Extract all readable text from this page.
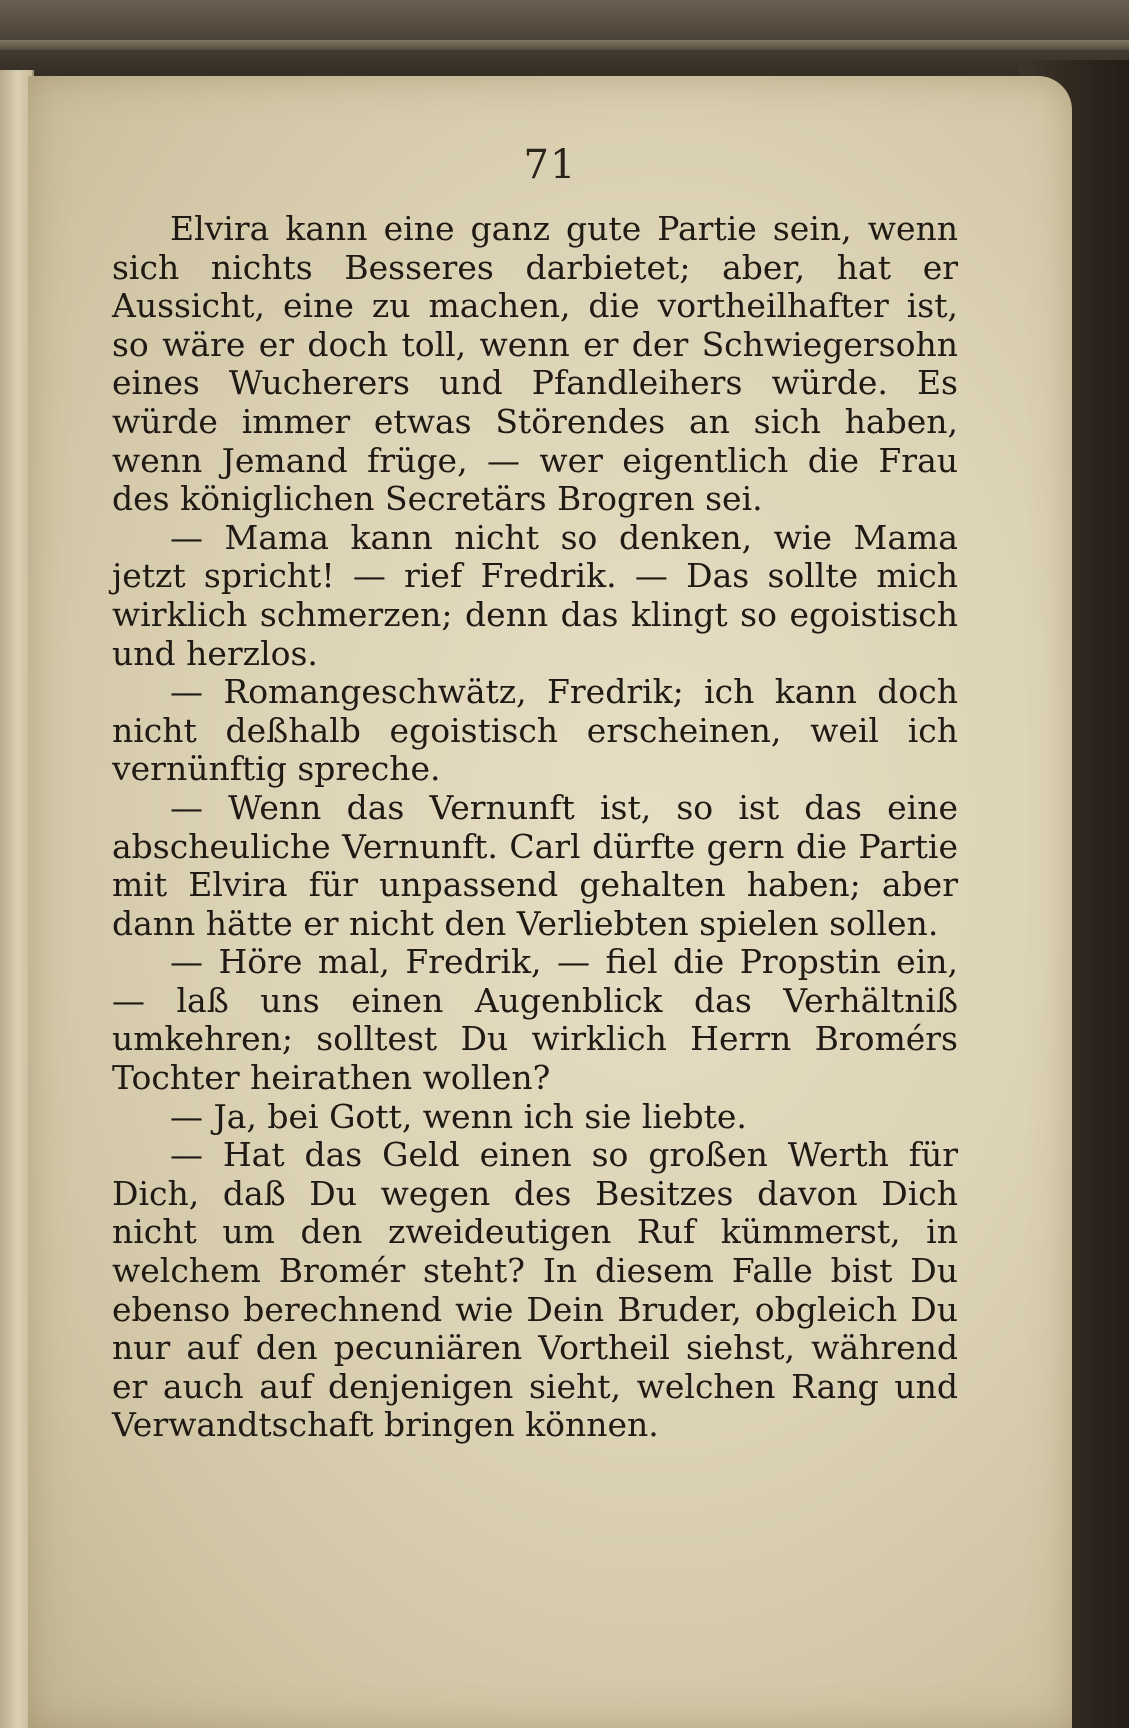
71

Elvira kann eine ganz gute Partie sein, wenn sich nichts Besseres darbietet; aber, hat er Aussicht, eine zu machen, die vortheilhafter ist, so wäre er doch toll, wenn er der Schwiegersohn eines Wucherers und Pfandleihers würde. Es würde immer etwas Störendes an sich haben, wenn Jemand früge, — wer eigentlich die Frau des königlichen Secretärs Brogren sei.

— Mama kann nicht so denken, wie Mama jetzt spricht! — rief Fredrik. — Das sollte mich wirklich schmerzen; denn das klingt so egoistisch und herzlos.

— Romangeschwätz, Fredrik; ich kann doch nicht deßhalb egoistisch erscheinen, weil ich vernünftig spreche.

— Wenn das Vernunft ist, so ist das eine abscheuliche Vernunft. Carl dürfte gern die Partie mit Elvira für unpassend gehalten haben; aber dann hätte er nicht den Verliebten spielen sollen.

— Höre mal, Fredrik, — fiel die Propstin ein, — laß uns einen Augenblick das Verhältniß umkehren; solltest Du wirklich Herrn Bromérs Tochter heirathen wollen?

— Ja, bei Gott, wenn ich sie liebte.

— Hat das Geld einen so großen Werth für Dich, daß Du wegen des Besitzes davon Dich nicht um den zweideutigen Ruf kümmerst, in welchem Bromér steht? In diesem Falle bist Du ebenso berechnend wie Dein Bruder, obgleich Du nur auf den pecuniären Vortheil siehst, während er auch auf denjenigen sieht, welchen Rang und Verwandtschaft bringen können.
